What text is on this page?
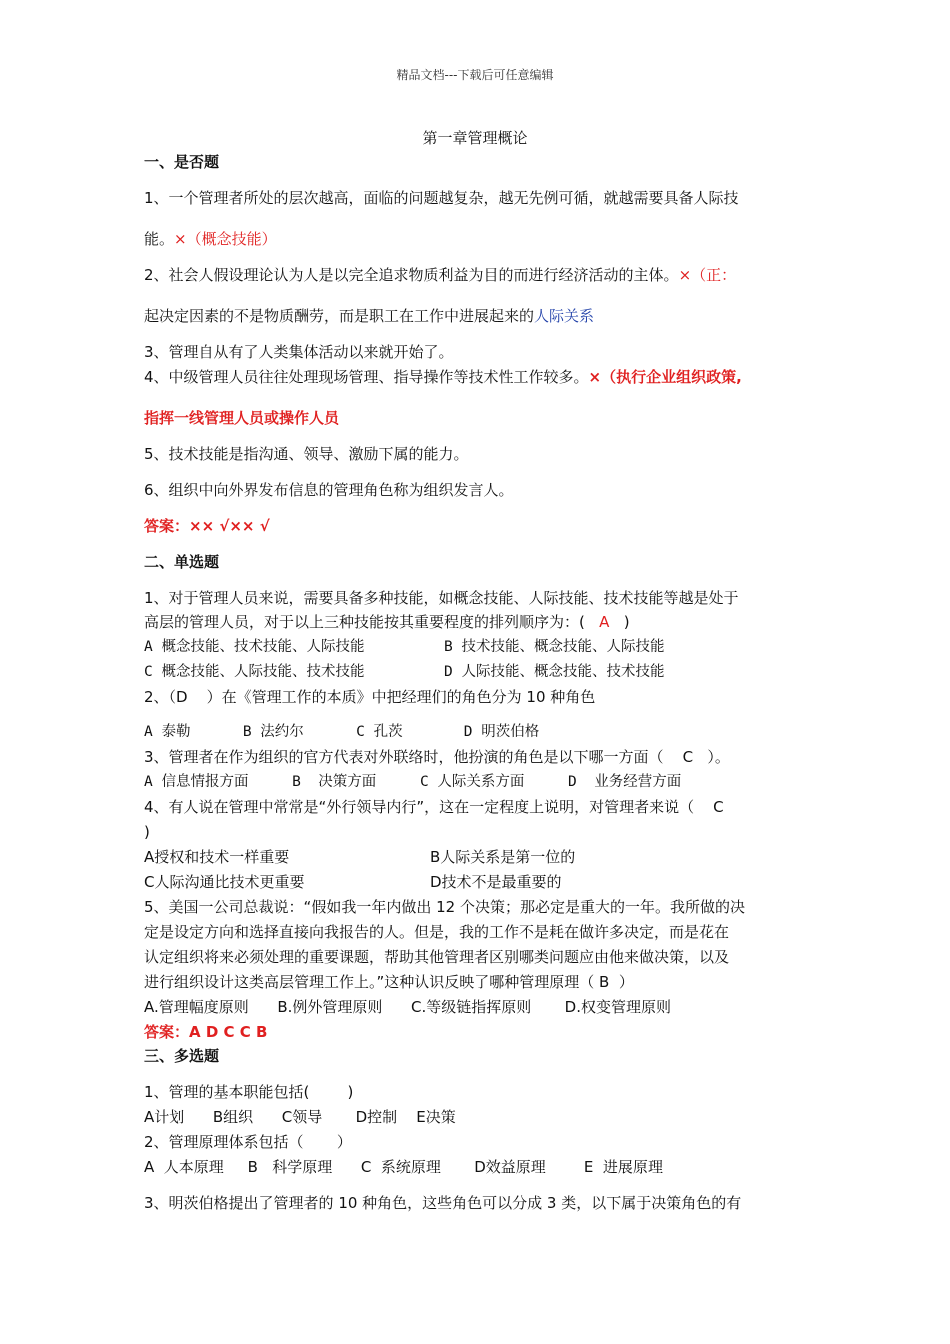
精品文档---下载后可任意编辑
第一章管理概论
一、是否题
1、一个管理者所处的层次越高，面临的问题越复杂，越无先例可循，就越需要具备人际技
能。×（概念技能）
2、社会人假设理论认为人是以完全追求物质利益为目的而进行经济活动的主体。×（正：
起决定因素的不是物质酬劳，而是职工在工作中进展起来的人际关系
3、管理自从有了人类集体活动以来就开始了。
4、中级管理人员往往处理现场管理、指导操作等技术性工作较多。×（执行企业组织政策,
指挥一线管理人员或操作人员
5、技术技能是指沟通、领导、激励下属的能力。
6、组织中向外界发布信息的管理角色称为组织发言人。
答案：×× √×× √
二、单选题
1、对于管理人员来说，需要具备多种技能，如概念技能、人际技能、技术技能等越是处于
高层的管理人员，对于以上三种技能按其重要程度的排列顺序为：( A )
A 概念技能、技术技能、人际技能	B 技术技能、概念技能、人际技能
C 概念技能、人际技能、技术技能	D 人际技能、概念技能、技术技能
2、（D    ）在《管理工作的本质》中把经理们的角色分为 10 种角色
A 泰勒      B 法约尔      C 孔茨       D 明茨伯格
3、管理者在作为组织的官方代表对外联络时，他扮演的角色是以下哪一方面（    C   ）。
A 信息情报方面     B  决策方面     C 人际关系方面     D  业务经营方面
4、有人说在管理中常常是“外行领导内行”，这在一定程度上说明，对管理者来说（    C
)
A授权和技术一样重要	B人际关系是第一位的
C人际沟通比技术更重要	D技术不是最重要的
5、美国一公司总裁说：“假如我一年内做出 12 个决策；那必定是重大的一年。我所做的决
定是设定方向和选择直接向我报告的人。但是，我的工作不是耗在做许多决定，而是花在
认定组织将来必须处理的重要课题，帮助其他管理者区别哪类问题应由他来做决策，以及
进行组织设计这类高层管理工作上。”这种认识反映了哪种管理原理（ B  ）
A.管理幅度原则      B.例外管理原则      C.等级链指挥原则       D.权变管理原则
答案：A D C C B
三、多选题
1、管理的基本职能包括(        )
A计划      B组织      C领导       D控制    E决策
2、管理原理体系包括（       ）
A  人本原理     B   科学原理      C  系统原理       D效益原理        E  进展原理
3、明茨伯格提出了管理者的 10 种角色，这些角色可以分成 3 类，以下属于决策角色的有
